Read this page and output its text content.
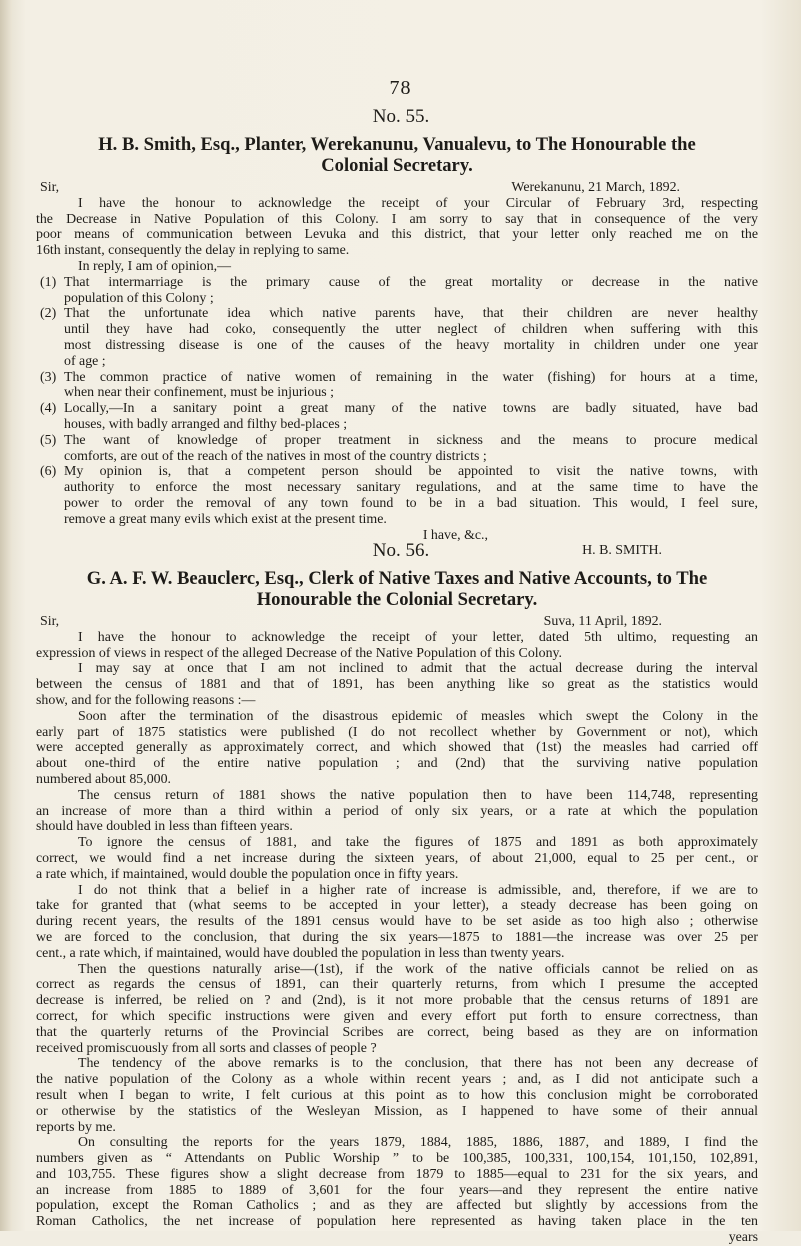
78
No. 55.
H. B. Smith, Esq., Planter, Werekanunu, Vanualevu, to The Honourable the
Colonial Secretary.
Sir,	Werekanunu, 21 March, 1892.
I have the honour to acknowledge the receipt of your Circular of February 3rd, respecting
the Decrease in Native Population of this Colony. I am sorry to say that in consequence of the very
poor means of communication between Levuka and this district, that your letter only reached me on the
16th instant, consequently the delay in replying to same.
In reply, I am of opinion,—
(1) That intermarriage is the primary cause of the great mortality or decrease in the native
population of this Colony ;
(2) That the unfortunate idea which native parents have, that their children are never healthy
until they have had coko, consequently the utter neglect of children when suffering with this
most distressing disease is one of the causes of the heavy mortality in children under one year
of age ;
(3) The common practice of native women of remaining in the water (fishing) for hours at a time,
when near their confinement, must be injurious ;
(4) Locally,—In a sanitary point a great many of the native towns are badly situated, have bad
houses, with badly arranged and filthy bed-places ;
(5) The want of knowledge of proper treatment in sickness and the means to procure medical
comforts, are out of the reach of the natives in most of the country districts ;
(6) My opinion is, that a competent person should be appointed to visit the native towns, with
authority to enforce the most necessary sanitary regulations, and at the same time to have the
power to order the removal of any town found to be in a bad situation. This would, I feel sure,
remove a great many evils which exist at the present time.
I have, &c.,
H. B. SMITH.
No. 56.
G. A. F. W. Beauclerc, Esq., Clerk of Native Taxes and Native Accounts, to The
Honourable the Colonial Secretary.
Sir,	Suva, 11 April, 1892.
I have the honour to acknowledge the receipt of your letter, dated 5th ultimo, requesting an
expression of views in respect of the alleged Decrease of the Native Population of this Colony.
I may say at once that I am not inclined to admit that the actual decrease during the interval
between the census of 1881 and that of 1891, has been anything like so great as the statistics would
show, and for the following reasons :—
Soon after the termination of the disastrous epidemic of measles which swept the Colony in the
early part of 1875 statistics were published (I do not recollect whether by Government or not), which
were accepted generally as approximately correct, and which showed that (1st) the measles had carried off
about one-third of the entire native population ; and (2nd) that the surviving native population
numbered about 85,000.
The census return of 1881 shows the native population then to have been 114,748, representing
an increase of more than a third within a period of only six years, or a rate at which the population
should have doubled in less than fifteen years.
To ignore the census of 1881, and take the figures of 1875 and 1891 as both approximately
correct, we would find a net increase during the sixteen years, of about 21,000, equal to 25 per cent., or
a rate which, if maintained, would double the population once in fifty years.
I do not think that a belief in a higher rate of increase is admissible, and, therefore, if we are to
take for granted that (what seems to be accepted in your letter), a steady decrease has been going on
during recent years, the results of the 1891 census would have to be set aside as too high also ; otherwise
we are forced to the conclusion, that during the six years—1875 to 1881—the increase was over 25 per
cent., a rate which, if maintained, would have doubled the population in less than twenty years.
Then the questions naturally arise—(1st), if the work of the native officials cannot be relied on as
correct as regards the census of 1891, can their quarterly returns, from which I presume the accepted
decrease is inferred, be relied on ? and (2nd), is it not more probable that the census returns of 1891 are
correct, for which specific instructions were given and every effort put forth to ensure correctness, than
that the quarterly returns of the Provincial Scribes are correct, being based as they are on information
received promiscuously from all sorts and classes of people ?
The tendency of the above remarks is to the conclusion, that there has not been any decrease of
the native population of the Colony as a whole within recent years ; and, as I did not anticipate such a
result when I began to write, I felt curious at this point as to how this conclusion might be corroborated
or otherwise by the statistics of the Wesleyan Mission, as I happened to have some of their annual
reports by me.
On consulting the reports for the years 1879, 1884, 1885, 1886, 1887, and 1889, I find the
numbers given as “ Attendants on Public Worship ” to be 100,385, 100,331, 100,154, 101,150, 102,891,
and 103,755. These figures show a slight decrease from 1879 to 1885—equal to 231 for the six years, and
an increase from 1885 to 1889 of 3,601 for the four years—and they represent the entire native
population, except the Roman Catholics ; and as they are affected but slightly by accessions from the
Roman Catholics, the net increase of population here represented as having taken place in the ten
years
